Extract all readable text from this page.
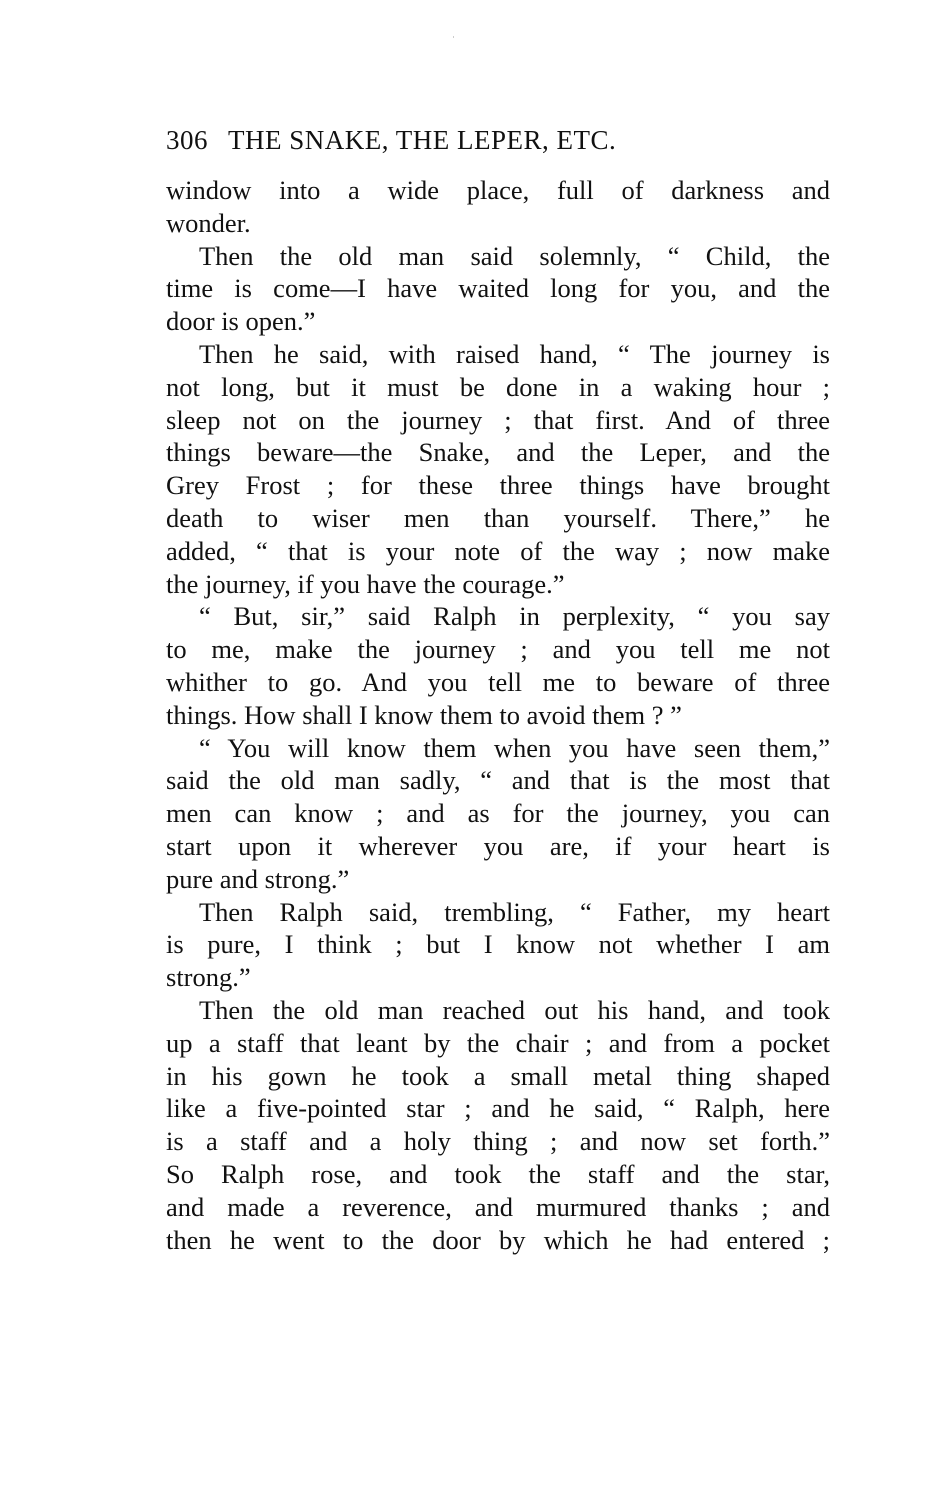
306 THE SNAKE, THE LEPER, ETC.
window into a wide place, full of darkness and
wonder.
Then the old man said solemnly, “ Child, the
time is come—I have waited long for you, and the
door is open.”
Then he said, with raised hand, “ The journey is
not long, but it must be done in a waking hour ;
sleep not on the journey ; that first. And of three
things beware—the Snake, and the Leper, and the
Grey Frost ; for these three things have brought
death to wiser men than yourself. There,” he
added, “ that is your note of the way ; now make
the journey, if you have the courage.”
“ But, sir,” said Ralph in perplexity, “ you say
to me, make the journey ; and you tell me not
whither to go. And you tell me to beware of three
things. How shall I know them to avoid them ? ”
“ You will know them when you have seen them,”
said the old man sadly, “ and that is the most that
men can know ; and as for the journey, you can
start upon it wherever you are, if your heart is
pure and strong.”
Then Ralph said, trembling, “ Father, my heart
is pure, I think ; but I know not whether I am
strong.”
Then the old man reached out his hand, and took
up a staff that leant by the chair ; and from a pocket
in his gown he took a small metal thing shaped
like a five-pointed star ; and he said, “ Ralph, here
is a staff and a holy thing ; and now set forth.”
So Ralph rose, and took the staff and the star,
and made a reverence, and murmured thanks ; and
then he went to the door by which he had entered ;
